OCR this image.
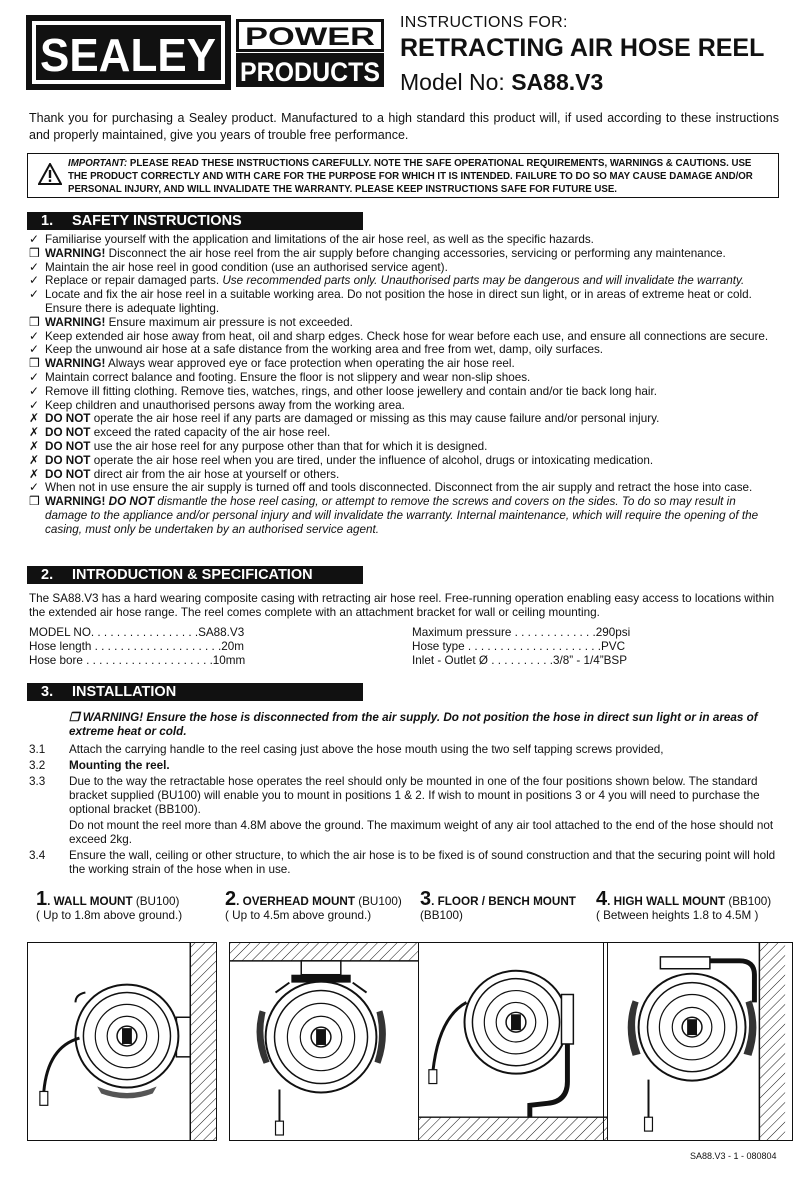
SEALEY POWER
PRODUCTS
INSTRUCTIONS FOR:
RETRACTING AIR HOSE REEL
Model No: SA88.V3
Thank you for purchasing a Sealey product. Manufactured to a high standard this product will, if used according to these instructions and properly maintained, give you years of trouble free performance.
IMPORTANT: PLEASE READ THESE INSTRUCTIONS CAREFULLY. NOTE THE SAFE OPERATIONAL REQUIREMENTS, WARNINGS & CAUTIONS. USE THE PRODUCT CORRECTLY AND WITH CARE FOR THE PURPOSE FOR WHICH IT IS INTENDED. FAILURE TO DO SO MAY CAUSE DAMAGE AND/OR PERSONAL INJURY, AND WILL INVALIDATE THE WARRANTY. PLEASE KEEP INSTRUCTIONS SAFE FOR FUTURE USE.
1. SAFETY INSTRUCTIONS
✓ Familiarise yourself with the application and limitations of the air hose reel, as well as the specific hazards.
❒ WARNING! Disconnect the air hose reel from the air supply before changing accessories, servicing or performing any maintenance.
✓ Maintain the air hose reel in good condition (use an authorised service agent).
✓ Replace or repair damaged parts. Use recommended parts only. Unauthorised parts may be dangerous and will invalidate the warranty.
✓ Locate and fix the air hose reel in a suitable working area. Do not position the hose in direct sun light, or in areas of extreme heat or cold. Ensure there is adequate lighting.
❒ WARNING! Ensure maximum air pressure is not exceeded.
✓ Keep extended air hose away from heat, oil and sharp edges. Check hose for wear before each use, and ensure all connections are secure.
✓ Keep the unwound air hose at a safe distance from the working area and free from wet, damp, oily surfaces.
❒ WARNING! Always wear approved eye or face protection when operating the air hose reel.
✓ Maintain correct balance and footing. Ensure the floor is not slippery and wear non-slip shoes.
✓ Remove ill fitting clothing. Remove ties, watches, rings, and other loose jewellery and contain and/or tie back long hair.
✓ Keep children and unauthorised persons away from the working area.
✗ DO NOT operate the air hose reel if any parts are damaged or missing as this may cause failure and/or personal injury.
✗ DO NOT exceed the rated capacity of the air hose reel.
✗ DO NOT use the air hose reel for any purpose other than that for which it is designed.
✗ DO NOT operate the air hose reel when you are tired, under the influence of alcohol, drugs or intoxicating medication.
✗ DO NOT direct air from the air hose at yourself or others.
✓ When not in use ensure the air supply is turned off and tools disconnected. Disconnect from the air supply and retract the hose into case.
❒ WARNING! DO NOT dismantle the hose reel casing, or attempt to remove the screws and covers on the sides. To do so may result in damage to the appliance and/or personal injury and will invalidate the warranty. Internal maintenance, which will require the opening of the casing, must only be undertaken by an authorised service agent.
2. INTRODUCTION & SPECIFICATION
The SA88.V3 has a hard wearing composite casing with retracting air hose reel. Free-running operation enabling easy access to locations within the extended air hose range. The reel comes complete with an attachment bracket for wall or ceiling mounting.
MODEL NO. . . . . . . . . . . . . . . . .SA88.V3
Hose length . . . . . . . . . . . . . . . . . . . .20m
Hose bore . . . . . . . . . . . . . . . . . . . .10mm
Maximum pressure . . . . . . . . . . . . .290psi
Hose type . . . . . . . . . . . . . . . . . . . . .PVC
Inlet - Outlet Ø . . . . . . . . . .3/8” - 1/4”BSP
3. INSTALLATION
❒ WARNING! Ensure the hose is disconnected from the air supply. Do not position the hose in direct sun light or in areas of extreme heat or cold.
3.1	Attach the carrying handle to the reel casing just above the hose mouth using the two self tapping screws provided,
3.2	Mounting the reel.
3.3	Due to the way the retractable hose operates the reel should only be mounted in one of the four positions shown below. The standard bracket supplied (BU100) will enable you to mount in positions 1 & 2. If wish to mount in positions 3 or 4 you will need to purchase the optional bracket (BB100).
Do not mount the reel more than 4.8M above the ground. The maximum weight of any air tool attached to the end of the hose should not exceed 2kg.
3.4	Ensure the wall, ceiling or other structure, to which the air hose is to be fixed is of sound construction and that the securing point will hold the working strain of the hose when in use.
1. WALL MOUNT (BU100)
( Up to 1.8m above ground.)
2. OVERHEAD MOUNT (BU100)
( Up to 4.5m above ground.)
3. FLOOR / BENCH MOUNT
(BB100)
4. HIGH WALL MOUNT (BB100)
( Between heights 1.8 to 4.5M )
SA88.V3 - 1 - 080804
